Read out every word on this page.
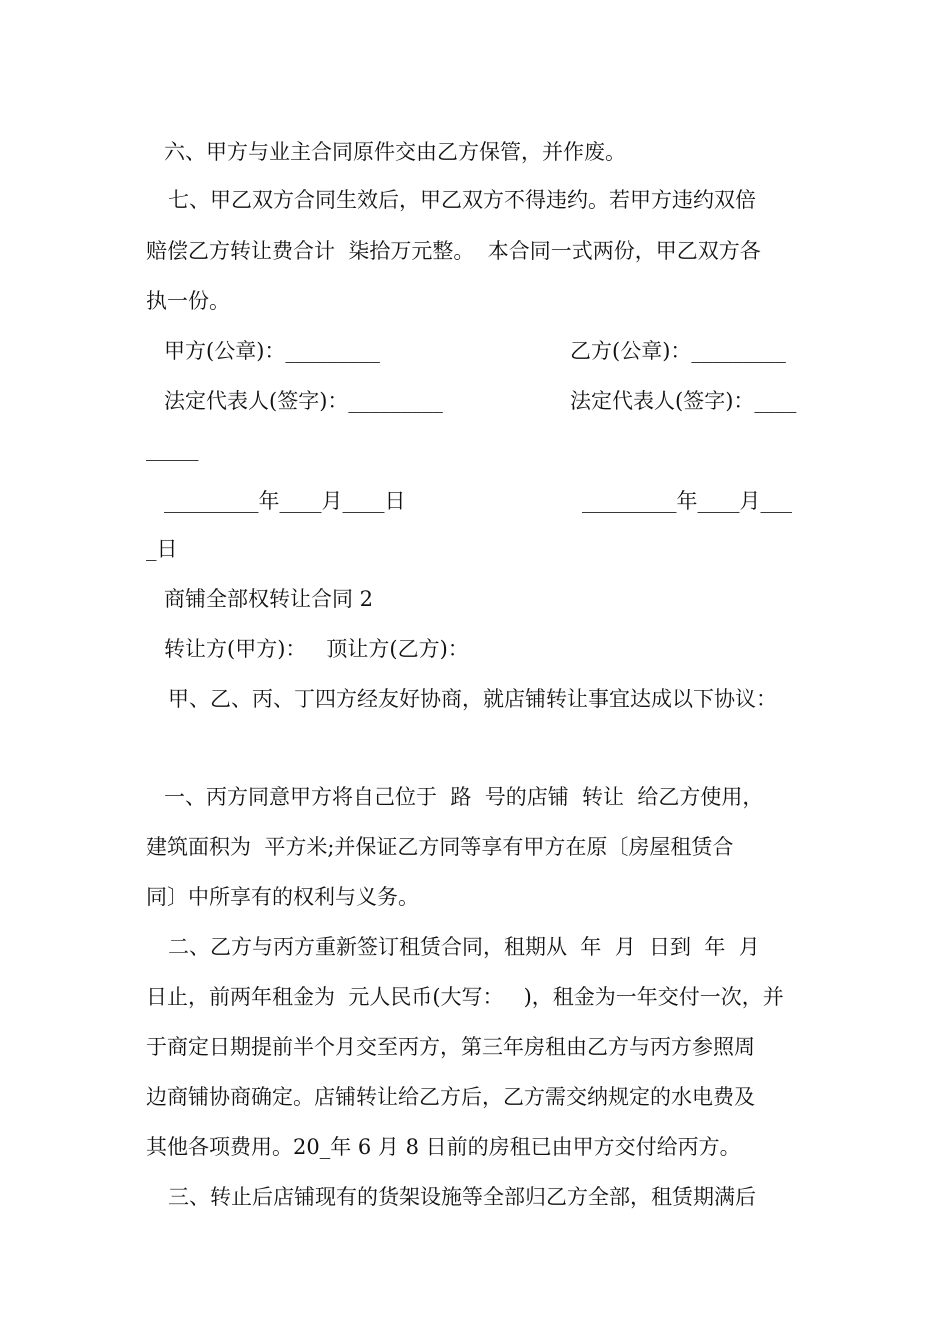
六、甲方与业主合同原件交由乙方保管，并作废。
七、甲乙双方合同生效后，甲乙双方不得违约。若甲方违约双倍
赔偿乙方转让费合计  柒拾万元整。  本合同一式两份，甲乙双方各
执一份。
甲方(公章)：_________	乙方(公章)：_________
法定代表人(签字)：_________	法定代表人(签字)：____
_____
_________年____月____日	_________年____月___
_日
商铺全部权转让合同 2
转让方(甲方)：   顶让方(乙方)：
甲、乙、丙、丁四方经友好协商，就店铺转让事宜达成以下协议：
一、丙方同意甲方将自己位于  路  号的店铺  转让  给乙方使用，
建筑面积为  平方米;并保证乙方同等享有甲方在原〔房屋租赁合
同〕中所享有的权利与义务。
二、乙方与丙方重新签订租赁合同，租期从  年  月  日到  年  月
日止，前两年租金为  元人民币(大写：   )，租金为一年交付一次，并
于商定日期提前半个月交至丙方，第三年房租由乙方与丙方参照周
边商铺协商确定。店铺转让给乙方后，乙方需交纳规定的水电费及
其他各项费用。20_年 6 月 8 日前的房租已由甲方交付给丙方。
三、转止后店铺现有的货架设施等全部归乙方全部，租赁期满后
